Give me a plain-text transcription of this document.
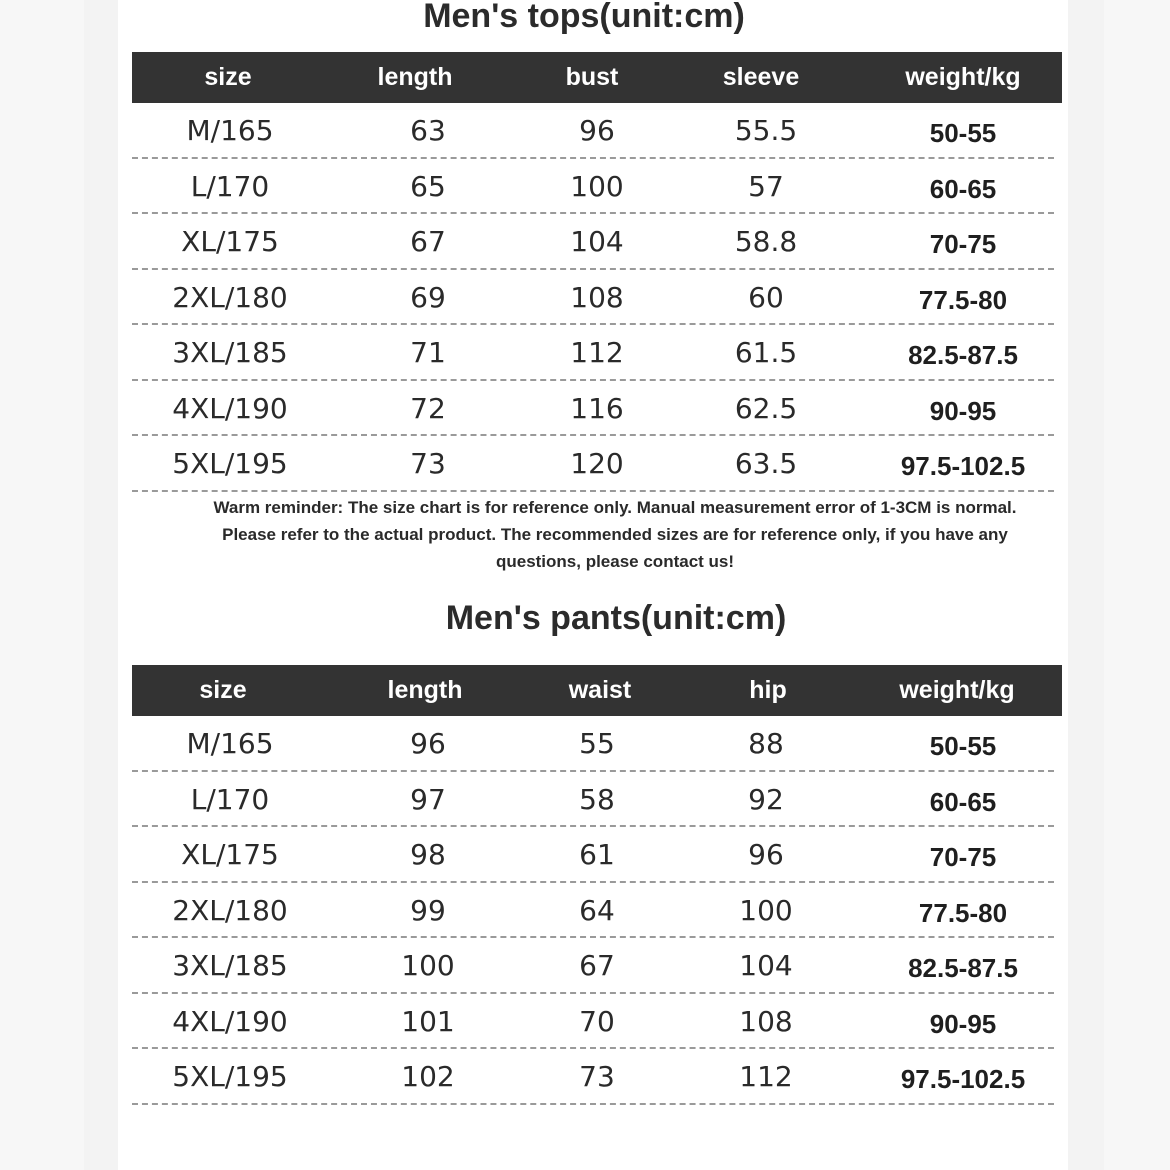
Men's tops(unit:cm)
size	length	bust	sleeve	weight/kg
M/165	63	96	55.5	50-55
L/170	65	100	57	60-65
XL/175	67	104	58.8	70-75
2XL/180	69	108	60	77.5-80
3XL/185	71	112	61.5	82.5-87.5
4XL/190	72	116	62.5	90-95
5XL/195	73	120	63.5	97.5-102.5
Warm reminder: The size chart is for reference only. Manual measurement error of 1-3CM is normal.
Please refer to the actual product. The recommended sizes are for reference only, if you have any
questions, please contact us!
Men's pants(unit:cm)
size	length	waist	hip	weight/kg
M/165	96	55	88	50-55
L/170	97	58	92	60-65
XL/175	98	61	96	70-75
2XL/180	99	64	100	77.5-80
3XL/185	100	67	104	82.5-87.5
4XL/190	101	70	108	90-95
5XL/195	102	73	112	97.5-102.5
